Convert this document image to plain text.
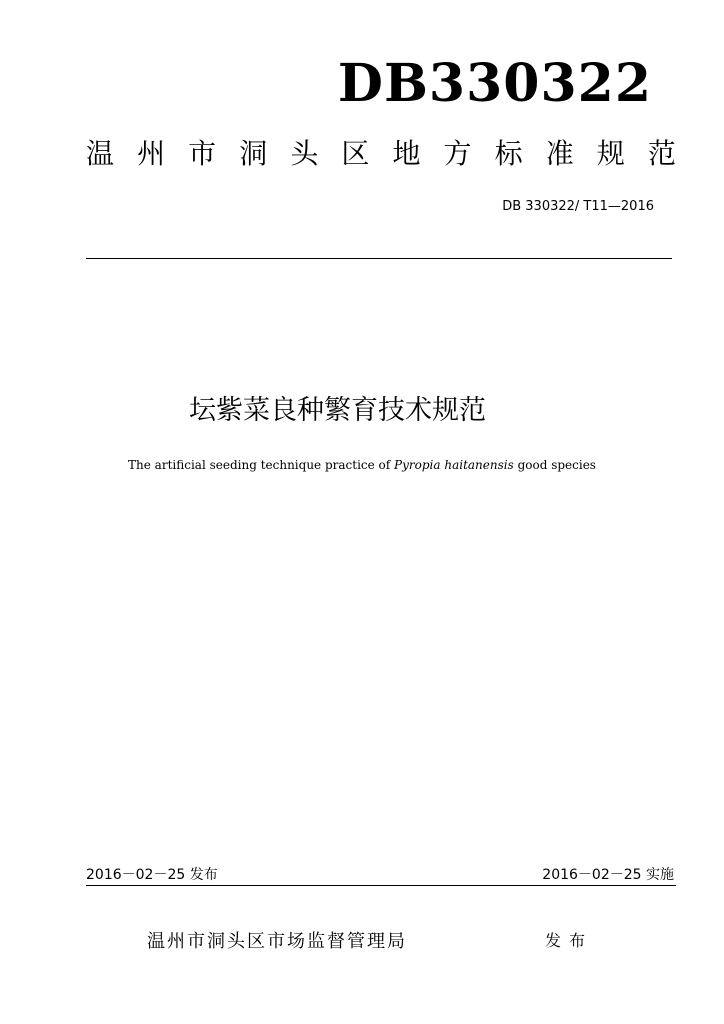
DB330322
温 州 市 洞 头 区 地 方 标 准 规 范
DB 330322/ T11—2016
坛紫菜良种繁育技术规范
The artificial seeding technique practice of Pyropia haitanensis good species
2016－02－25 发布	2016－02－25 实施
温州市洞头区市场监督管理局	发布
